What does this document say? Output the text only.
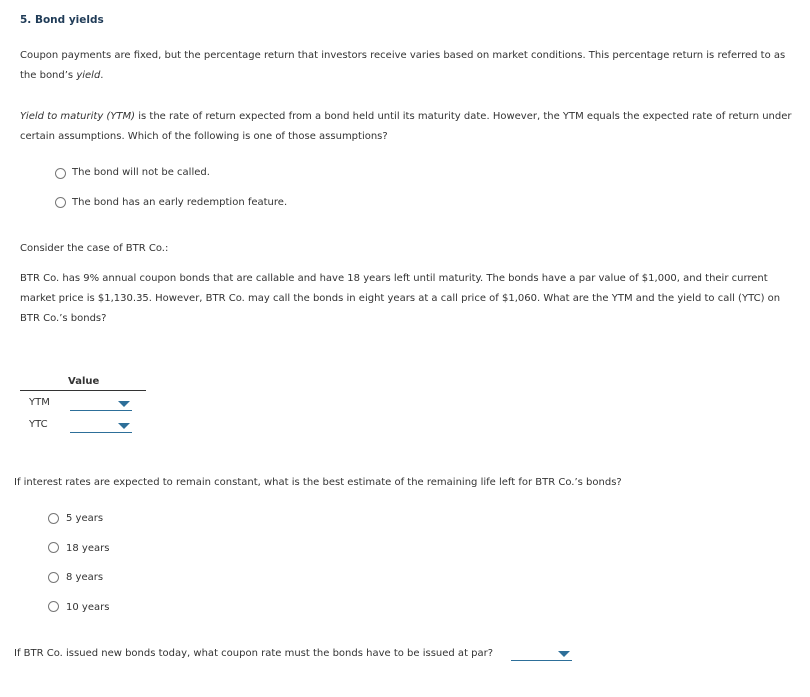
5. Bond yields
Coupon payments are fixed, but the percentage return that investors receive varies based on market conditions. This percentage return is referred to as the bond’s yield.
Yield to maturity (YTM) is the rate of return expected from a bond held until its maturity date. However, the YTM equals the expected rate of return under certain assumptions. Which of the following is one of those assumptions?
The bond will not be called.
The bond has an early redemption feature.
Consider the case of BTR Co.:
BTR Co. has 9% annual coupon bonds that are callable and have 18 years left until maturity. The bonds have a par value of $1,000, and their current market price is $1,130.35. However, BTR Co. may call the bonds in eight years at a call price of $1,060. What are the YTM and the yield to call (YTC) on BTR Co.’s bonds?
Value
YTM
YTC
If interest rates are expected to remain constant, what is the best estimate of the remaining life left for BTR Co.’s bonds?
5 years
18 years
8 years
10 years
If BTR Co. issued new bonds today, what coupon rate must the bonds have to be issued at par?
